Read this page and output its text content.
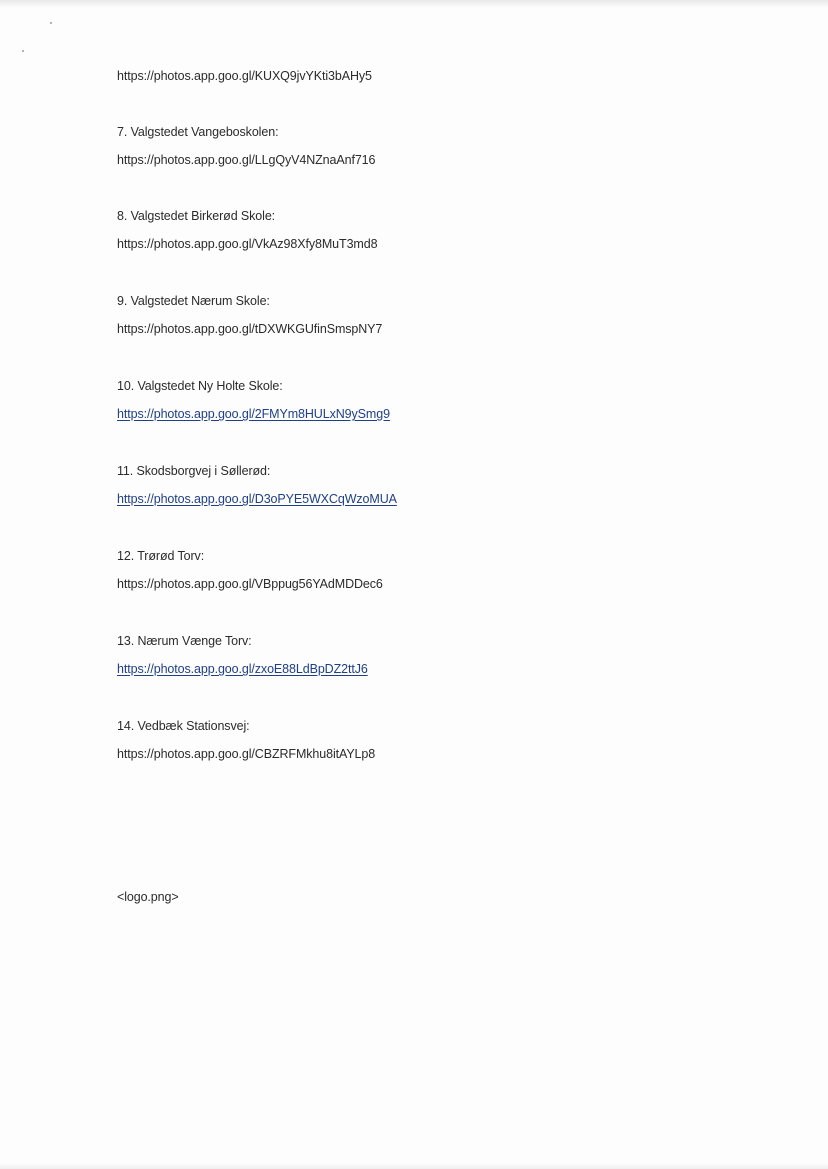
https://photos.app.goo.gl/KUXQ9jvYKti3bAHy5
7. Valgstedet Vangeboskolen:
https://photos.app.goo.gl/LLgQyV4NZnaAnf716
8. Valgstedet Birkerød Skole:
https://photos.app.goo.gl/VkAz98Xfy8MuT3md8
9. Valgstedet Nærum Skole:
https://photos.app.goo.gl/tDXWKGUfinSmspNY7
10. Valgstedet Ny Holte Skole:
https://photos.app.goo.gl/2FMYm8HULxN9ySmg9
11. Skodsborgvej i Søllerød:
https://photos.app.goo.gl/D3oPYE5WXCqWzoMUA
12. Trørød Torv:
https://photos.app.goo.gl/VBppug56YAdMDDec6
13. Nærum Vænge Torv:
https://photos.app.goo.gl/zxoE88LdBpDZ2ttJ6
14. Vedbæk Stationsvej:
https://photos.app.goo.gl/CBZRFMkhu8itAYLp8
<logo.png>
